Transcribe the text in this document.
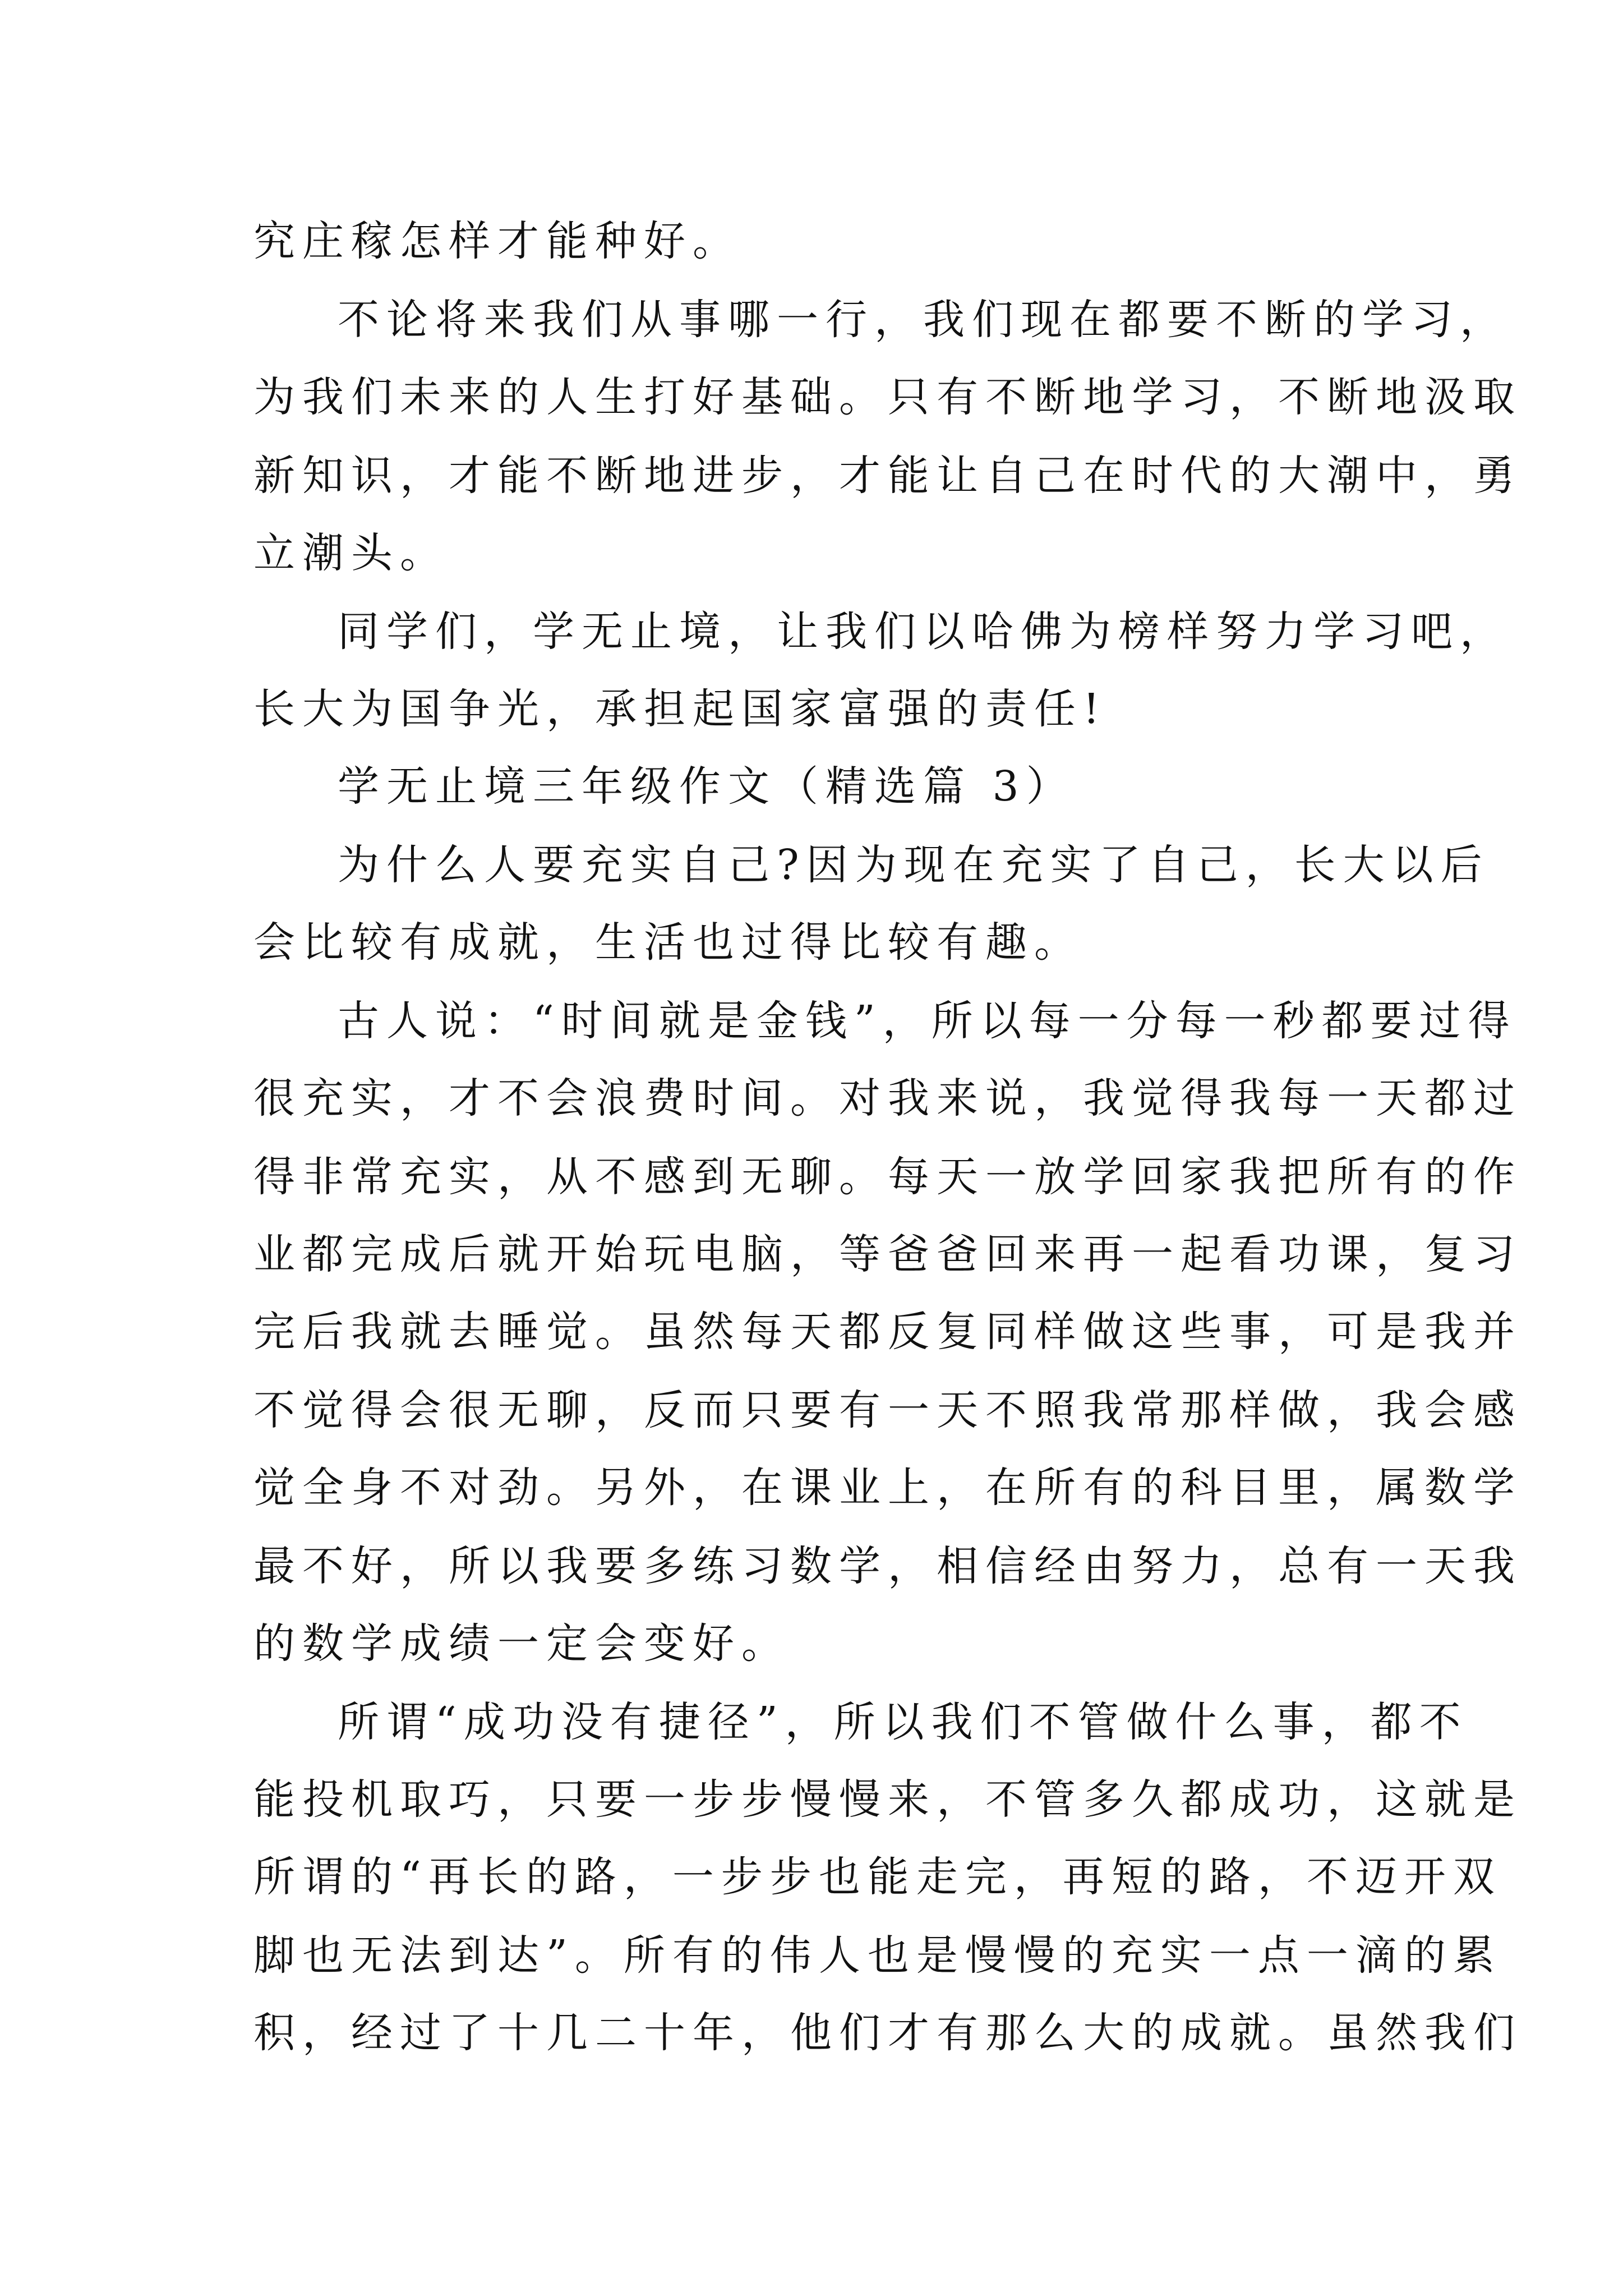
究庄稼怎样才能种好。
不论将来我们从事哪一行，我们现在都要不断的学习，
为我们未来的人生打好基础。只有不断地学习，不断地汲取
新知识，才能不断地进步，才能让自己在时代的大潮中，勇
立潮头。
同学们，学无止境，让我们以哈佛为榜样努力学习吧，
长大为国争光，承担起国家富强的责任!
学无止境三年级作文（精选篇 3）
为什么人要充实自己?因为现在充实了自己，长大以后
会比较有成就，生活也过得比较有趣。
古人说：“时间就是金钱”，所以每一分每一秒都要过得
很充实，才不会浪费时间。对我来说，我觉得我每一天都过
得非常充实，从不感到无聊。每天一放学回家我把所有的作
业都完成后就开始玩电脑，等爸爸回来再一起看功课，复习
完后我就去睡觉。虽然每天都反复同样做这些事，可是我并
不觉得会很无聊，反而只要有一天不照我常那样做，我会感
觉全身不对劲。另外，在课业上，在所有的科目里，属数学
最不好，所以我要多练习数学，相信经由努力，总有一天我
的数学成绩一定会变好。
所谓“成功没有捷径”，所以我们不管做什么事，都不
能投机取巧，只要一步步慢慢来，不管多久都成功，这就是
所谓的“再长的路，一步步也能走完，再短的路，不迈开双
脚也无法到达”。所有的伟人也是慢慢的充实一点一滴的累
积，经过了十几二十年，他们才有那么大的成就。虽然我们
